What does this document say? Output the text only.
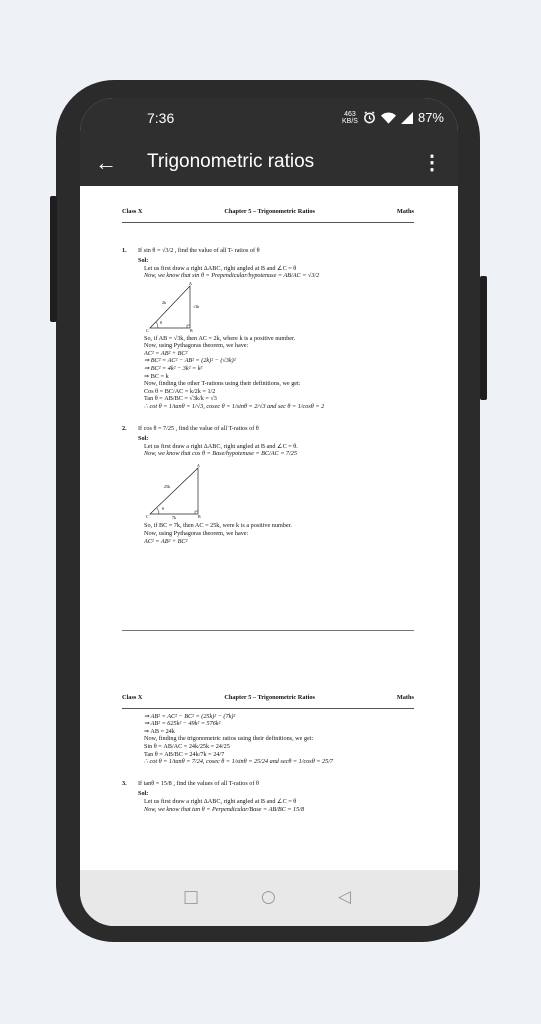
7:36	463
KB/S	87%
← Trigonometric ratios	⋮
Class X	Chapter 5 – Trigonometric Ratios	Maths
1. If sin θ = √3/2 , find the value of all T- ratios of θ
Sol:
Let us first draw a right ΔABC, right angled at B and ∠C = θ
Now, we know that sin θ = Prependicular/hypotenuse = AB/AC = √3/2
C	B
A
2k
√3k
θ
So, if AB = √3k, then AC = 2k, where k is a positive number.
Now, using Pythagoras theorem, we have:
AC² = AB² + BC²
⇒ BC² = AC² − AB² = (2k)² − (√3k)²
⇒ BC² = 4k² − 3k² = k²
⇒ BC = k
Now, finding the other T-rations using their definitions, we get:
Cos θ = BC/AC = k/2k = 1/2
Tan θ = AB/BC = √3k/k = √3
∴ cot θ = 1/tanθ = 1/√3, cosec θ = 1/sinθ = 2/√3 and sec θ = 1/cosθ = 2
2. If cos θ = 7/25 , find the value of all T-ratios of θ
Sol:
Let us first draw a right ΔABC, right angled at B and ∠C = θ.
Now, we know that cos θ = Base/hypotenuse = BC/AC = 7/25
C	B
A
25k
7k
θ
So, if BC = 7k, then AC = 25k, were k is a positive number.
Now, using Pythagoras theorem, we have:
AC² = AB² + BC²
Class X	Chapter 5 – Trigonometric Ratios	Maths
⇒ AB² = AC² − BC² = (25k)² − (7k)²
⇒ AB² = 625k² − 49k² = 576k²
⇒ AB = 24k
Now, finding the trigonometric ratios using their definitions, we get:
Sin θ = AB/AC = 24k/25k = 24/25
Tan θ = AB/BC = 24k/7k = 24/7
∴ cot θ = 1/tanθ = 7/24, cosec θ = 1/sinθ = 25/24 and secθ = 1/cosθ = 25/7
3. If tanθ = 15/8 , find the values of all T-ratios of θ
Sol:
Let us first draw a right ΔABC, right angled at B and ∠C = θ
Now, we know that tan θ = Perpendicular/Base = AB/BC = 15/8
□	○	◁
